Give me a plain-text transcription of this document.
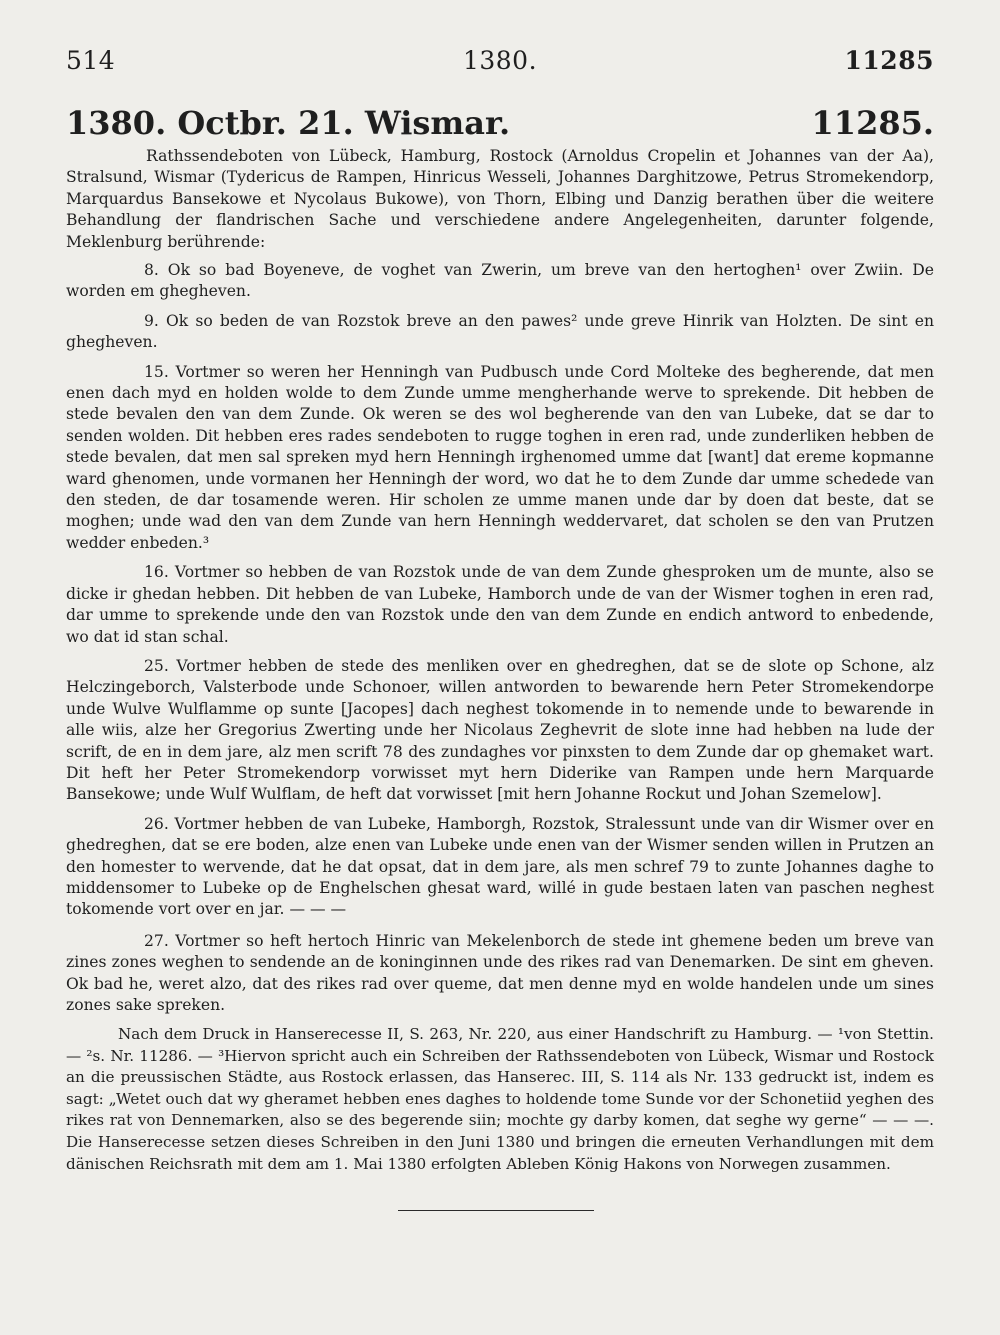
514	1380.	11285
1380. Octbr. 21. Wismar.	11285.

Rathssendeboten von Lübeck, Hamburg, Rostock (Arnoldus Cropelin et Johannes van der Aa), Stralsund, Wismar (Tydericus de Rampen, Hinricus Wesseli, Johannes Darghitzowe, Petrus Stromekendorp, Marquardus Bansekowe et Nycolaus Bukowe), von Thorn, Elbing und Danzig berathen über die weitere Behandlung der flandrischen Sache und verschiedene andere Angelegenheiten, darunter folgende, Meklenburg berührende:

8. Ok so bad Boyeneve, de voghet van Zwerin, um breve van den hertoghen¹ over Zwiin. De worden em ghegheven.

9. Ok so beden de van Rozstok breve an den pawes² unde greve Hinrik van Holzten. De sint en ghegheven.

15. Vortmer so weren her Henningh van Pudbusch unde Cord Molteke des begherende, dat men enen dach myd en holden wolde to dem Zunde umme mengherhande werve to sprekende. Dit hebben de stede bevalen den van dem Zunde. Ok weren se des wol begherende van den van Lubeke, dat se dar to senden wolden. Dit hebben eres rades sendeboten to rugge toghen in eren rad, unde zunderliken hebben de stede bevalen, dat men sal spreken myd hern Henningh irghenomed umme dat [want] dat ereme kopmanne ward ghenomen, unde vormanen her Henningh der word, wo dat he to dem Zunde dar umme schedede van den steden, de dar tosamende weren. Hir scholen ze umme manen unde dar by doen dat beste, dat se moghen; unde wad den van dem Zunde van hern Henningh weddervaret, dat scholen se den van Prutzen wedder enbeden.³

16. Vortmer so hebben de van Rozstok unde de van dem Zunde ghesproken um de munte, also se dicke ir ghedan hebben. Dit hebben de van Lubeke, Hamborch unde de van der Wismer toghen in eren rad, dar umme to sprekende unde den van Rozstok unde den van dem Zunde en endich antword to enbedende, wo dat id stan schal.

25. Vortmer hebben de stede des menliken over en ghedreghen, dat se de slote op Schone, alz Helczingeborch, Valsterbode unde Schonoer, willen antworden to bewarende hern Peter Stromekendorpe unde Wulve Wulflamme op sunte [Jacopes] dach neghest tokomende in to nemende unde to bewarende in alle wiis, alze her Gregorius Zwerting unde her Nicolaus Zeghevrit de slote inne had hebben na lude der scrift, de en in dem jare, alz men scrift 78 des zundaghes vor pinxsten to dem Zunde dar op ghemaket wart. Dit heft her Peter Stromekendorp vorwisset myt hern Diderike van Rampen unde hern Marquarde Bansekowe; unde Wulf Wulflam, de heft dat vorwisset [mit hern Johanne Rockut und Johan Szemelow].

26. Vortmer hebben de van Lubeke, Hamborgh, Rozstok, Stralessunt unde van dir Wismer over en ghedreghen, dat se ere boden, alze enen van Lubeke unde enen van der Wismer senden willen in Prutzen an den homester to wervende, dat he dat opsat, dat in dem jare, als men schref 79 to zunte Johannes daghe to middensomer to Lubeke op de Enghelschen ghesat ward, willé in gude bestaen laten van paschen neghest tokomende vort over en jar. — — —

27. Vortmer so heft hertoch Hinric van Mekelenborch de stede int ghemene beden um breve van zines zones weghen to sendende an de koninginnen unde des rikes rad van Denemarken. De sint em gheven. Ok bad he, weret alzo, dat des rikes rad over queme, dat men denne myd en wolde handelen unde um sines zones sake spreken.

Nach dem Druck in Hanserecesse II, S. 263, Nr. 220, aus einer Handschrift zu Hamburg. — ¹von Stettin. — ²s. Nr. 11286. — ³Hiervon spricht auch ein Schreiben der Rathssendeboten von Lübeck, Wismar und Rostock an die preussischen Städte, aus Rostock erlassen, das Hanserec. III, S. 114 als Nr. 133 gedruckt ist, indem es sagt: „Wetet ouch dat wy gheramet hebben enes daghes to holdende tome Sunde vor der Schonetiid yeghen des rikes rat von Dennemarken, also se des begerende siin; mochte gy darby komen, dat seghe wy gerne“ — — —. Die Hanserecesse setzen dieses Schreiben in den Juni 1380 und bringen die erneuten Verhandlungen mit dem dänischen Reichsrath mit dem am 1. Mai 1380 erfolgten Ableben König Hakons von Norwegen zusammen.
